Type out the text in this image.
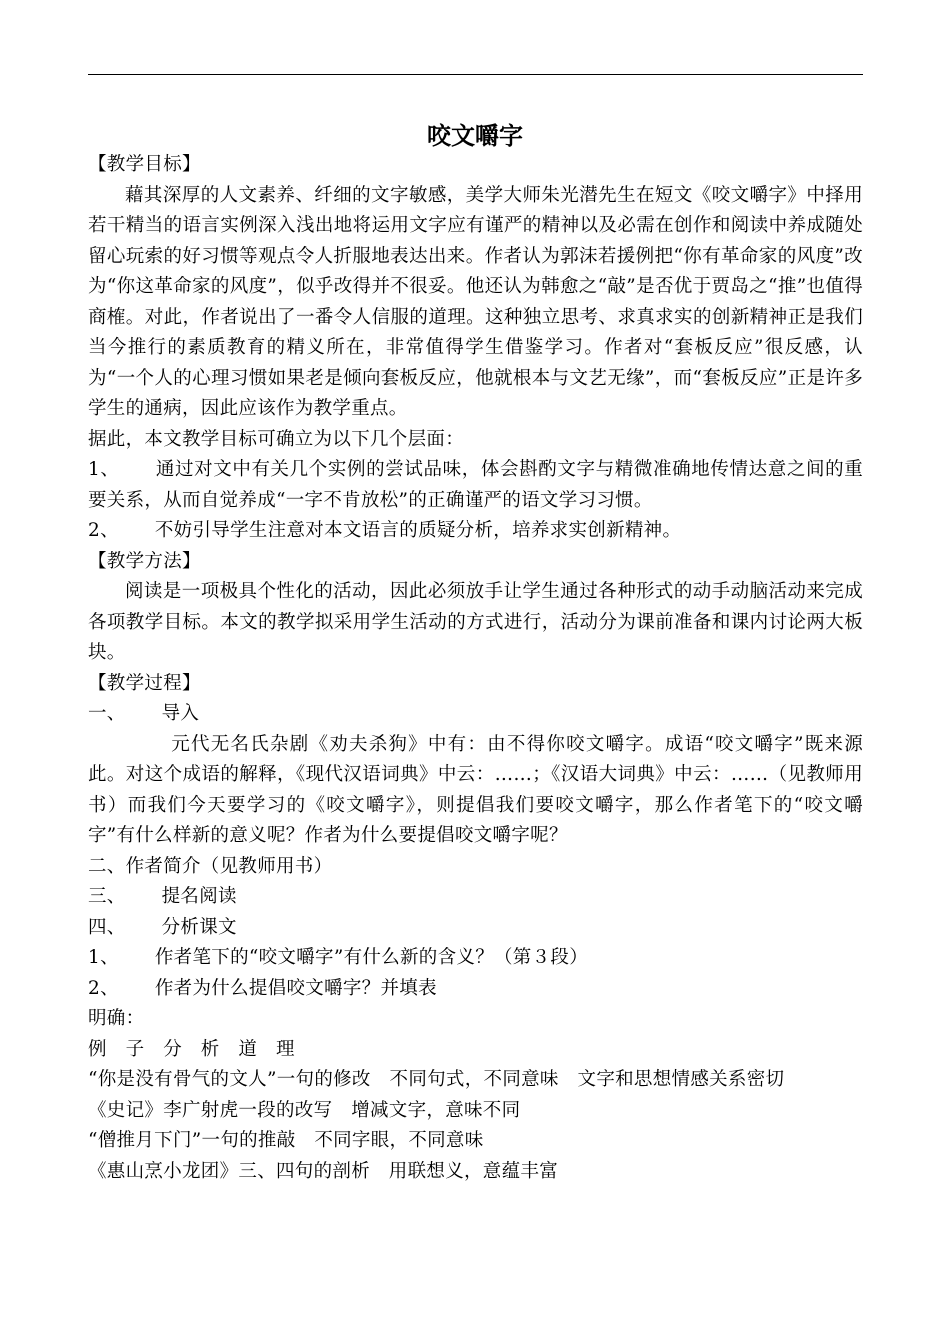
咬文嚼字
【教学目标】
藉其深厚的人文素养、纤细的文字敏感，美学大师朱光潜先生在短文《咬文嚼字》中择用若干精当的语言实例深入浅出地将运用文字应有谨严的精神以及必需在创作和阅读中养成随处留心玩索的好习惯等观点令人折服地表达出来。作者认为郭沫若援例把“你有革命家的风度”改为“你这革命家的风度”，似乎改得并不很妥。他还认为韩愈之“敲”是否优于贾岛之“推”也值得商榷。对此，作者说出了一番令人信服的道理。这种独立思考、求真求实的创新精神正是我们当今推行的素质教育的精义所在，非常值得学生借鉴学习。作者对“套板反应”很反感，认为“一个人的心理习惯如果老是倾向套板反应，他就根本与文艺无缘”，而“套板反应”正是许多学生的通病，因此应该作为教学重点。
据此，本文教学目标可确立为以下几个层面：
1、 通过对文中有关几个实例的尝试品味，体会斟酌文字与精微准确地传情达意之间的重要关系，从而自觉养成“一字不肯放松”的正确谨严的语文学习习惯。
2、 不妨引导学生注意对本文语言的质疑分析，培养求实创新精神。
【教学方法】
阅读是一项极具个性化的活动，因此必须放手让学生通过各种形式的动手动脑活动来完成各项教学目标。本文的教学拟采用学生活动的方式进行，活动分为课前准备和课内讨论两大板块。
【教学过程】
一、 导入
元代无名氏杂剧《劝夫杀狗》中有：由不得你咬文嚼字。成语“咬文嚼字”既来源此。对这个成语的解释，《现代汉语词典》中云：……；《汉语大词典》中云：……（见教师用书）而我们今天要学习的《咬文嚼字》，则提倡我们要咬文嚼字，那么作者笔下的“咬文嚼字”有什么样新的意义呢？作者为什么要提倡咬文嚼字呢？
二、作者简介（见教师用书）
三、 提名阅读
四、 分析课文
1、 作者笔下的“咬文嚼字”有什么新的含义？（第３段）
2、 作者为什么提倡咬文嚼字？并填表
明确：
例　子　分　析　道　理
“你是没有骨气的文人”一句的修改　不同句式，不同意味　文字和思想情感关系密切
《史记》李广射虎一段的改写　增减文字，意味不同
“僧推月下门”一句的推敲　不同字眼，不同意味
《惠山烹小龙团》三、四句的剖析　用联想义，意蕴丰富
